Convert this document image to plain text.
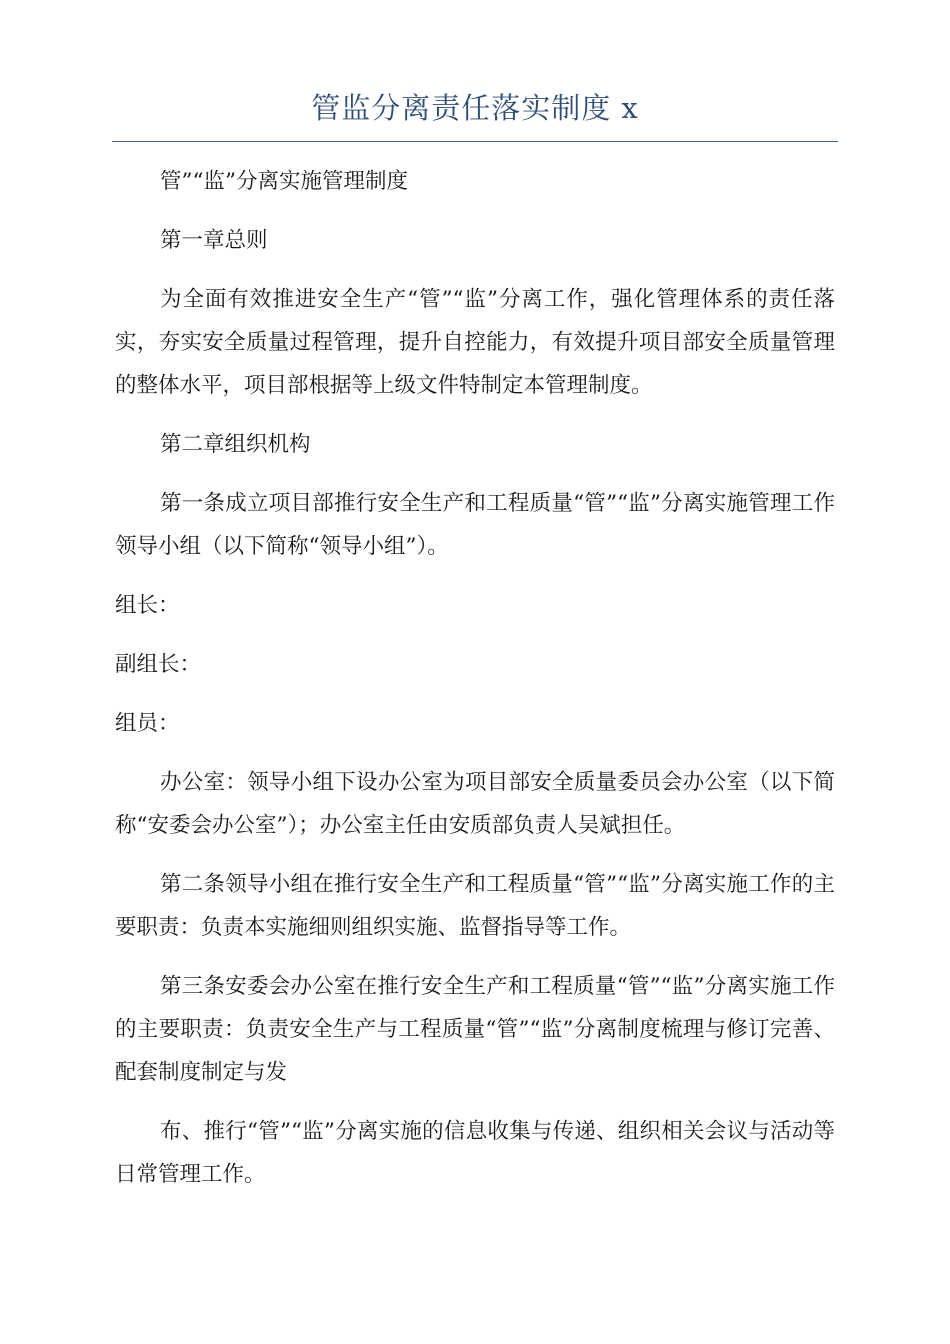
管监分离责任落实制度 x

管”“监”分离实施管理制度

第一章总则

为全面有效推进安全生产“管”“监”分离工作，强化管理体系的责任落实，夯实安全质量过程管理，提升自控能力，有效提升项目部安全质量管理的整体水平，项目部根据等上级文件特制定本管理制度。

第二章组织机构

第一条成立项目部推行安全生产和工程质量“管”“监”分离实施管理工作领导小组（以下简称“领导小组”）。

组长：

副组长：

组员：

办公室：领导小组下设办公室为项目部安全质量委员会办公室（以下简称“安委会办公室”）；办公室主任由安质部负责人吴斌担任。

第二条领导小组在推行安全生产和工程质量“管”“监”分离实施工作的主要职责：负责本实施细则组织实施、监督指导等工作。

第三条安委会办公室在推行安全生产和工程质量“管”“监”分离实施工作的主要职责：负责安全生产与工程质量“管”“监”分离制度梳理与修订完善、配套制度制定与发

布、推行“管”“监”分离实施的信息收集与传递、组织相关会议与活动等日常管理工作。
